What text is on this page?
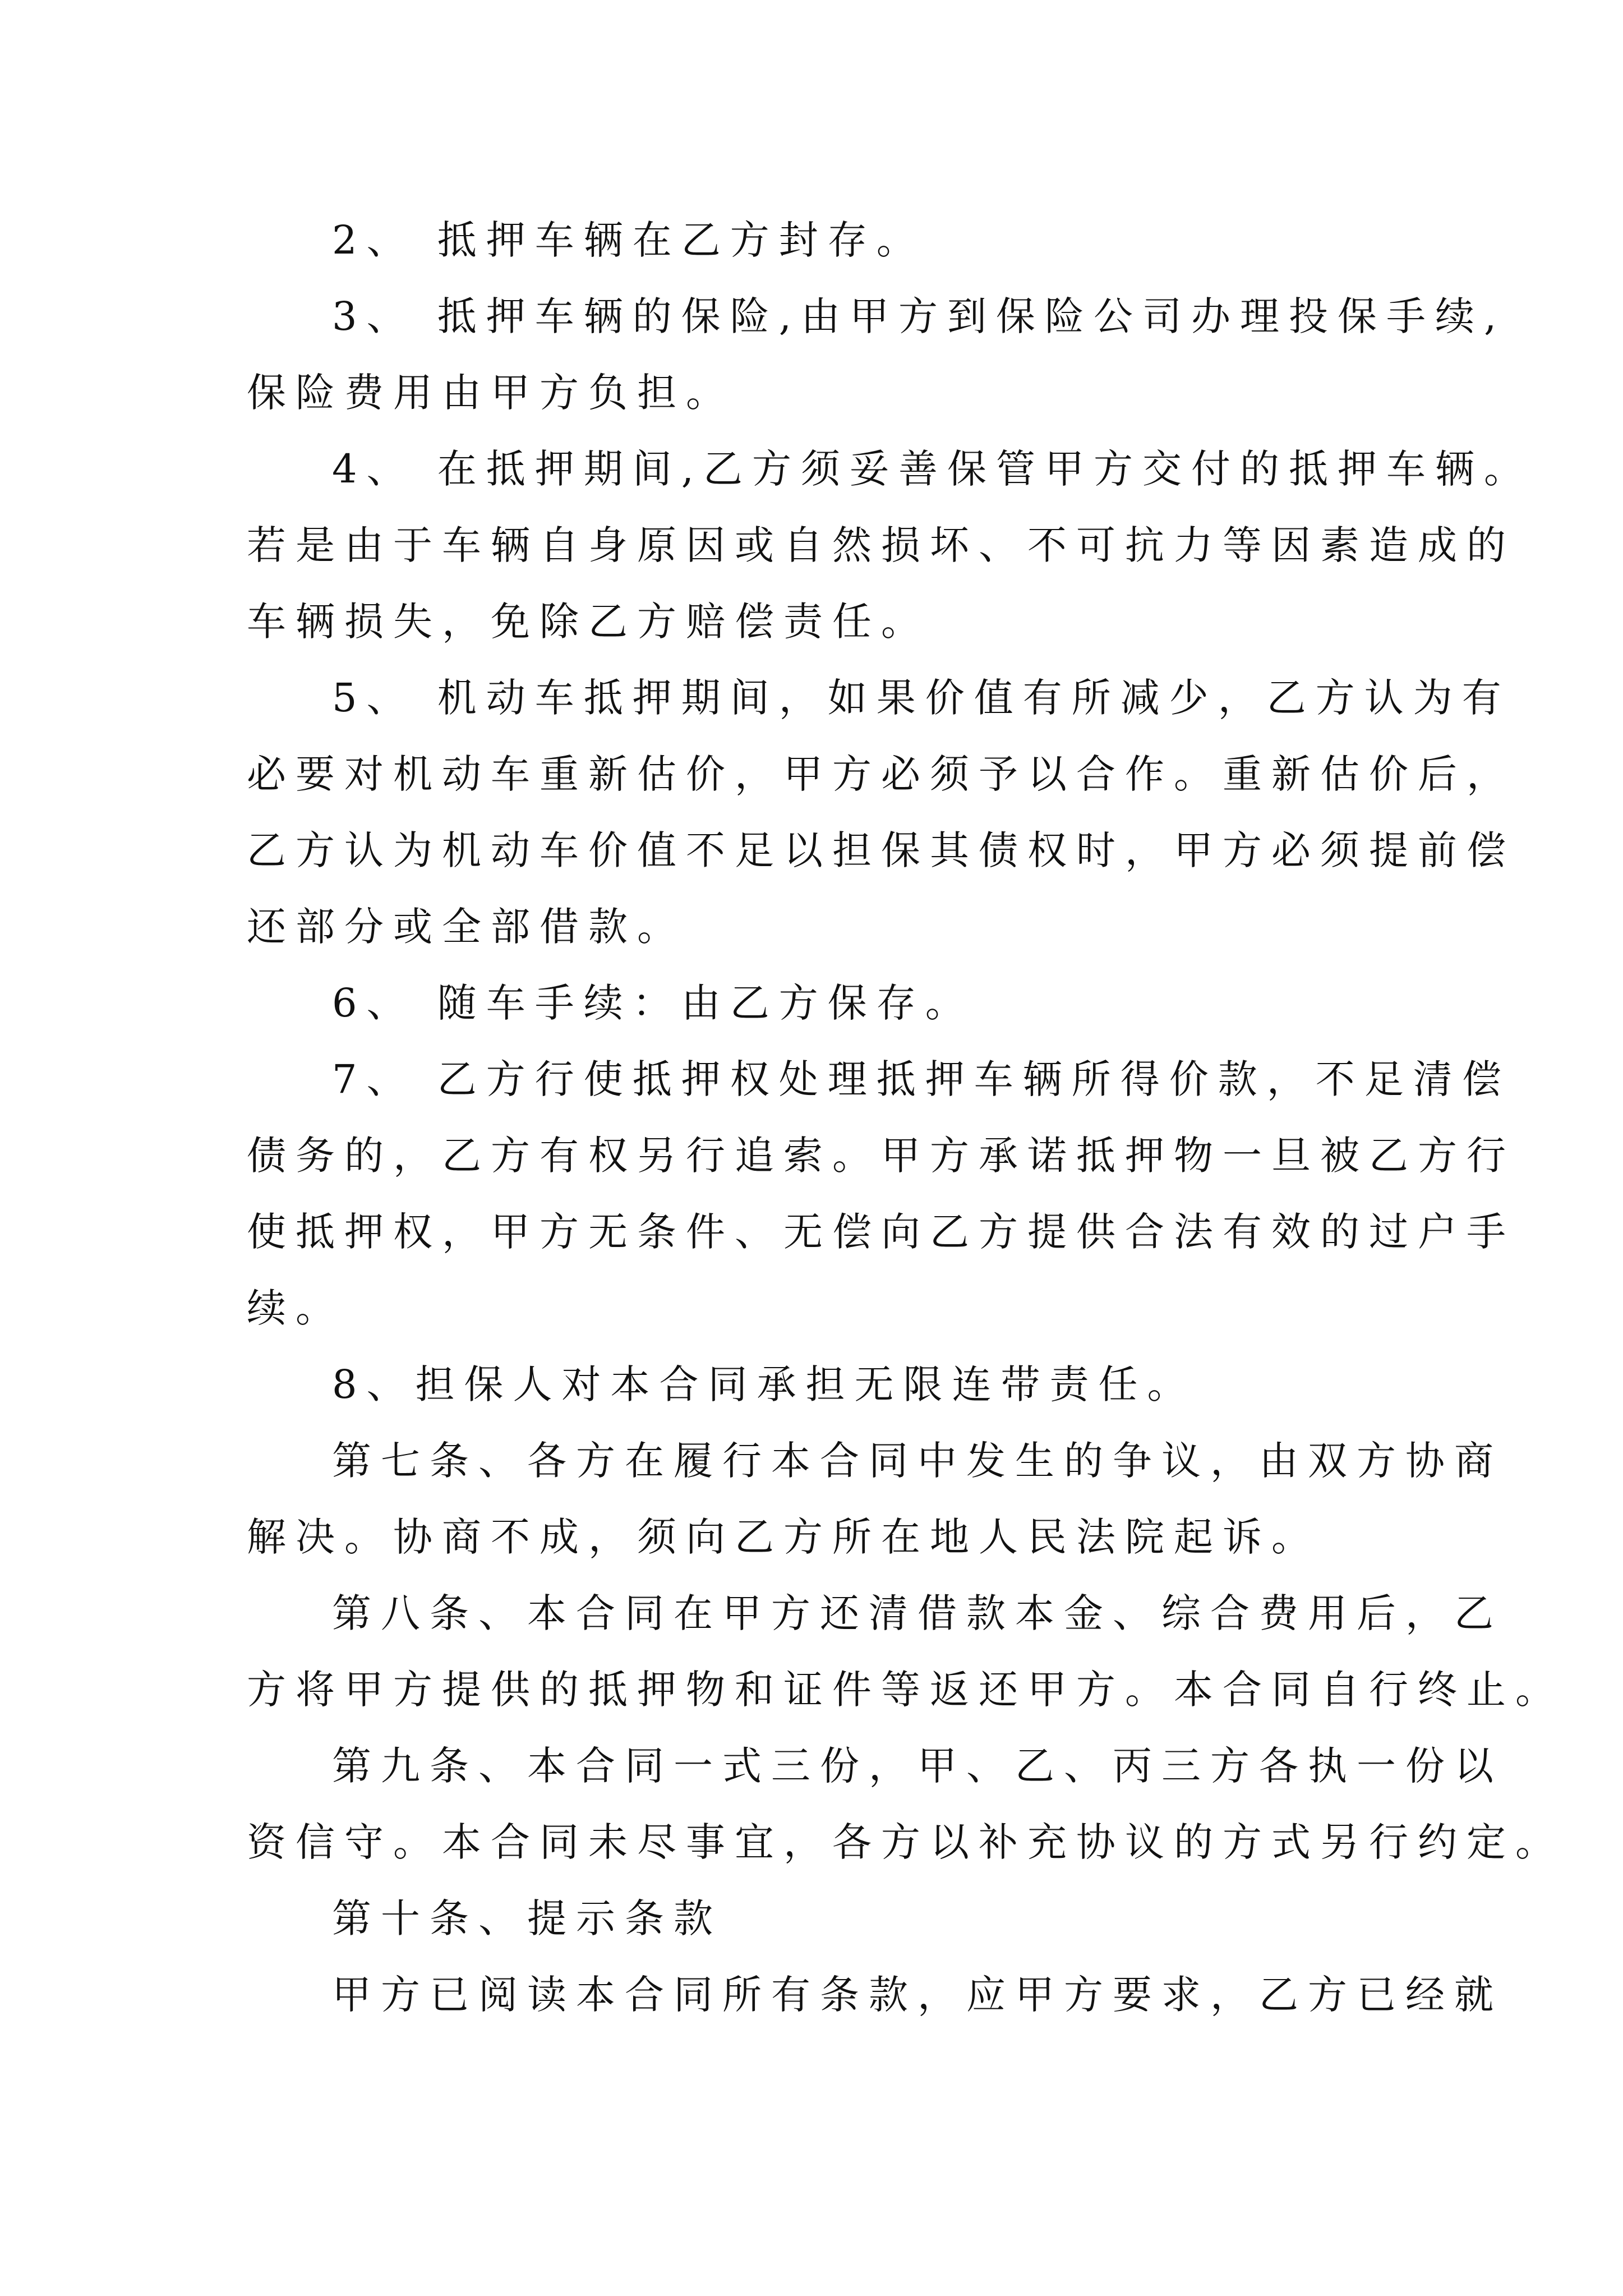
2、 抵押车辆在乙方封存。
3、 抵押车辆的保险,由甲方到保险公司办理投保手续,
保险费用由甲方负担。
4、 在抵押期间,乙方须妥善保管甲方交付的抵押车辆。
若是由于车辆自身原因或自然损坏、不可抗力等因素造成的
车辆损失，免除乙方赔偿责任。
5、 机动车抵押期间，如果价值有所减少，乙方认为有
必要对机动车重新估价，甲方必须予以合作。重新估价后，
乙方认为机动车价值不足以担保其债权时，甲方必须提前偿
还部分或全部借款。
6、 随车手续：由乙方保存。
7、 乙方行使抵押权处理抵押车辆所得价款，不足清偿
债务的，乙方有权另行追索。甲方承诺抵押物一旦被乙方行
使抵押权，甲方无条件、无偿向乙方提供合法有效的过户手
续。
8、担保人对本合同承担无限连带责任。
第七条、各方在履行本合同中发生的争议，由双方协商
解决。协商不成，须向乙方所在地人民法院起诉。
第八条、本合同在甲方还清借款本金、综合费用后，乙
方将甲方提供的抵押物和证件等返还甲方。本合同自行终止。
第九条、本合同一式三份，甲、乙、丙三方各执一份以
资信守。本合同未尽事宜，各方以补充协议的方式另行约定。
第十条、提示条款
甲方已阅读本合同所有条款，应甲方要求，乙方已经就
